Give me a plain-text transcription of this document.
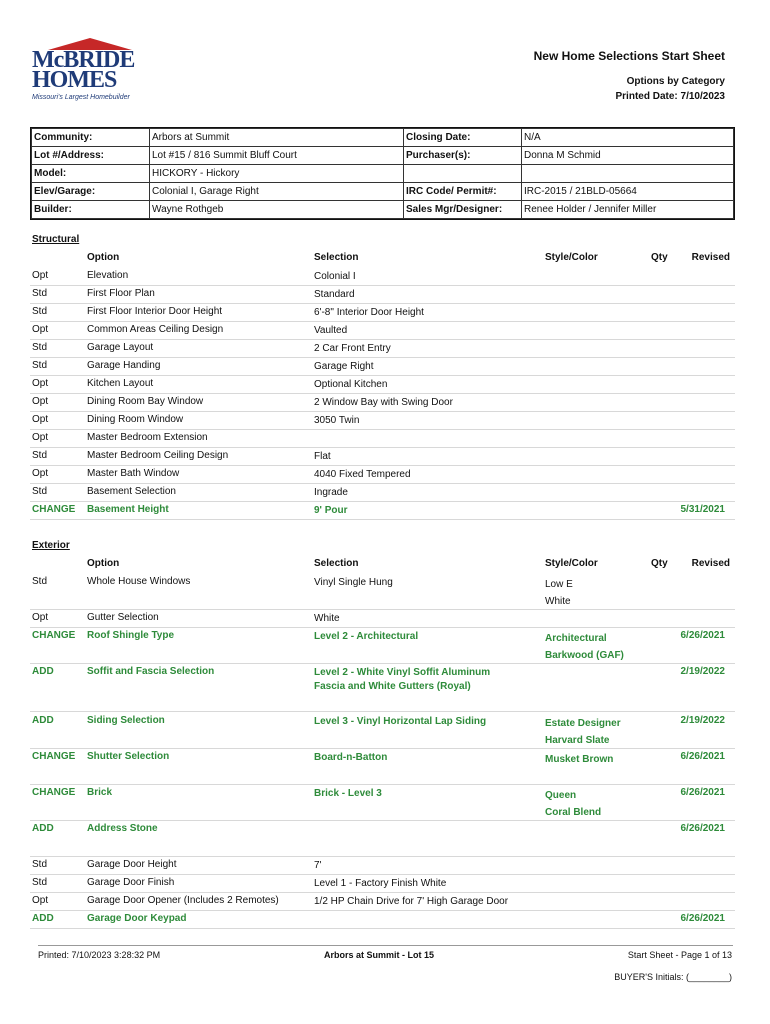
McBRIDE
HOMES
Missouri's Largest Homebuilder
New Home Selections Start Sheet
Options by Category
Printed Date: 7/10/2023
Community:	Arbors at Summit	Closing Date:	N/A
Lot #/Address:	Lot #15 / 816 Summit Bluff Court	Purchaser(s):	Donna M Schmid
Model:	HICKORY - Hickory		
Elev/Garage:	Colonial I, Garage Right	IRC Code/ Permit#:	IRC-2015 / 21BLD-05664
Builder:	Wayne Rothgeb	Sales Mgr/Designer:	Renee Holder / Jennifer Miller
Structural
Option	Selection	Style/Color	Qty Revised
Opt	Elevation	Colonial I
Std	First Floor Plan	Standard
Std	First Floor Interior Door Height	6'-8" Interior Door Height
Opt	Common Areas Ceiling Design	Vaulted
Std	Garage Layout	2 Car Front Entry
Std	Garage Handing	Garage Right
Opt	Kitchen Layout	Optional Kitchen
Opt	Dining Room Bay Window	2 Window Bay with Swing Door
Opt	Dining Room Window	3050 Twin
Opt	Master Bedroom Extension
Std	Master Bedroom Ceiling Design	Flat
Opt	Master Bath Window	4040 Fixed Tempered
Std	Basement Selection	Ingrade
CHANGE Basement Height	9' Pour	5/31/2021
Exterior
Option	Selection	Style/Color	Qty Revised
Std	Whole House Windows	Vinyl Single Hung	Low E
White
Opt	Gutter Selection	White
CHANGE Roof Shingle Type	Level 2 - Architectural	Architectural
Barkwood (GAF)
6/26/2021
ADD	Soffit and Fascia Selection	Level 2 - White Vinyl Soffit Aluminum
Fascia and White Gutters (Royal)
2/19/2022
ADD	Siding Selection	Level 3 - Vinyl Horizontal Lap Siding	Estate Designer
Harvard Slate
2/19/2022
CHANGE Shutter Selection	Board-n-Batton	Musket Brown	6/26/2021
CHANGE Brick	Brick - Level 3	Queen
Coral Blend
6/26/2021
ADD	Address Stone	6/26/2021
Std	Garage Door Height	7'
Std	Garage Door Finish	Level 1 - Factory Finish White
Opt	Garage Door Opener (Includes 2 Remotes)	1/2 HP Chain Drive for 7' High Garage Door
ADD	Garage Door Keypad	6/26/2021
Printed: 7/10/2023 3:28:32 PM	Arbors at Summit - Lot 15	Start Sheet - Page 1 of 13
BUYER'S Initials: (________)
